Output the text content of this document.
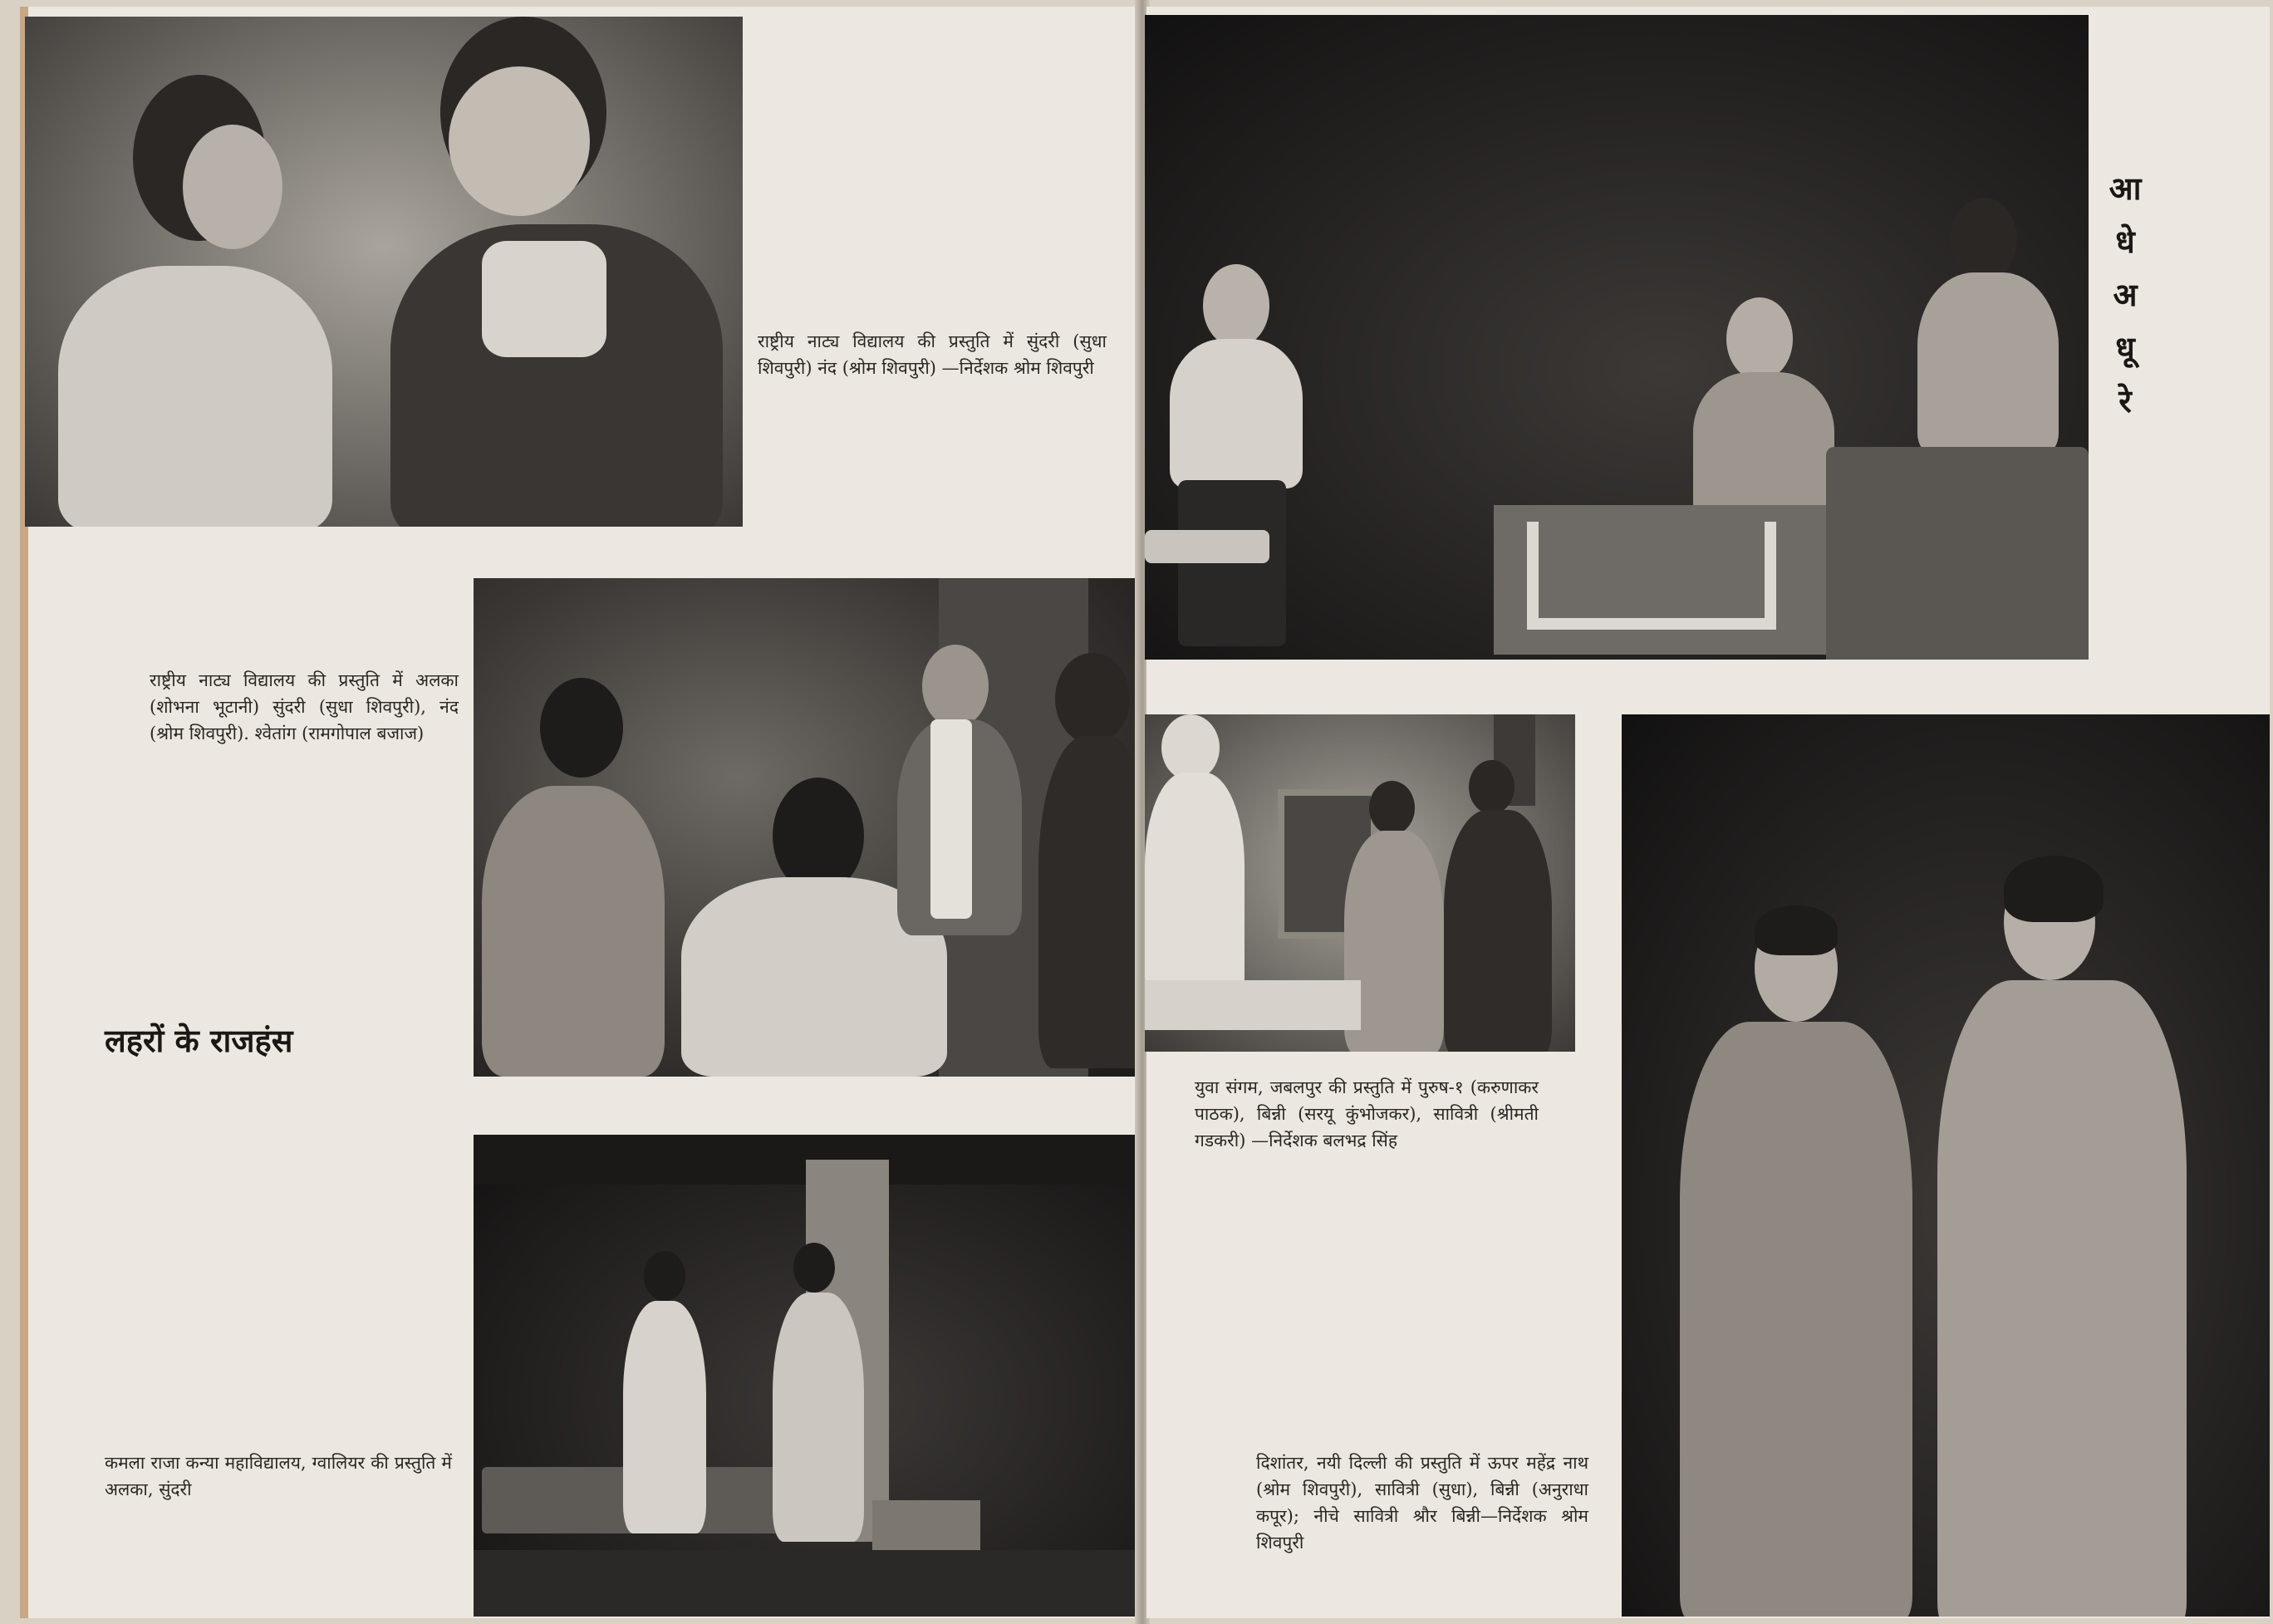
राष्ट्रीय नाट्य विद्यालय की प्रस्तुति में सुंदरी (सुधा शिवपुरी) नंद (श्रोम शिवपुरी) —निर्देशक श्रोम शिवपुरी

राष्ट्रीय नाट्य विद्यालय की प्रस्तुति में अलका (शोभना भूटानी) सुंदरी (सुधा शिवपुरी), नंद (श्रोम शिवपुरी). श्वेतांग (रामगोपाल बजाज)

लहरों के राजहंस

कमला राजा कन्या महाविद्यालय, ग्वालियर की प्रस्तुति में अलका, सुंदरी

आ
धे
अ
धू
रे

युवा संगम, जबलपुर की प्रस्तुति में पुरुष-१ (करुणाकर पाठक), बिन्नी (सरयू कुंभोजकर), सावित्री (श्रीमती गडकरी) —निर्देशक बलभद्र सिंह

दिशांतर, नयी दिल्ली की प्रस्तुति में ऊपर महेंद्र नाथ (श्रोम शिवपुरी), सावित्री (सुधा), बिन्नी (अनुराधा कपूर); नीचे सावित्री श्रौर बिन्नी—निर्देशक श्रोम शिवपुरी
